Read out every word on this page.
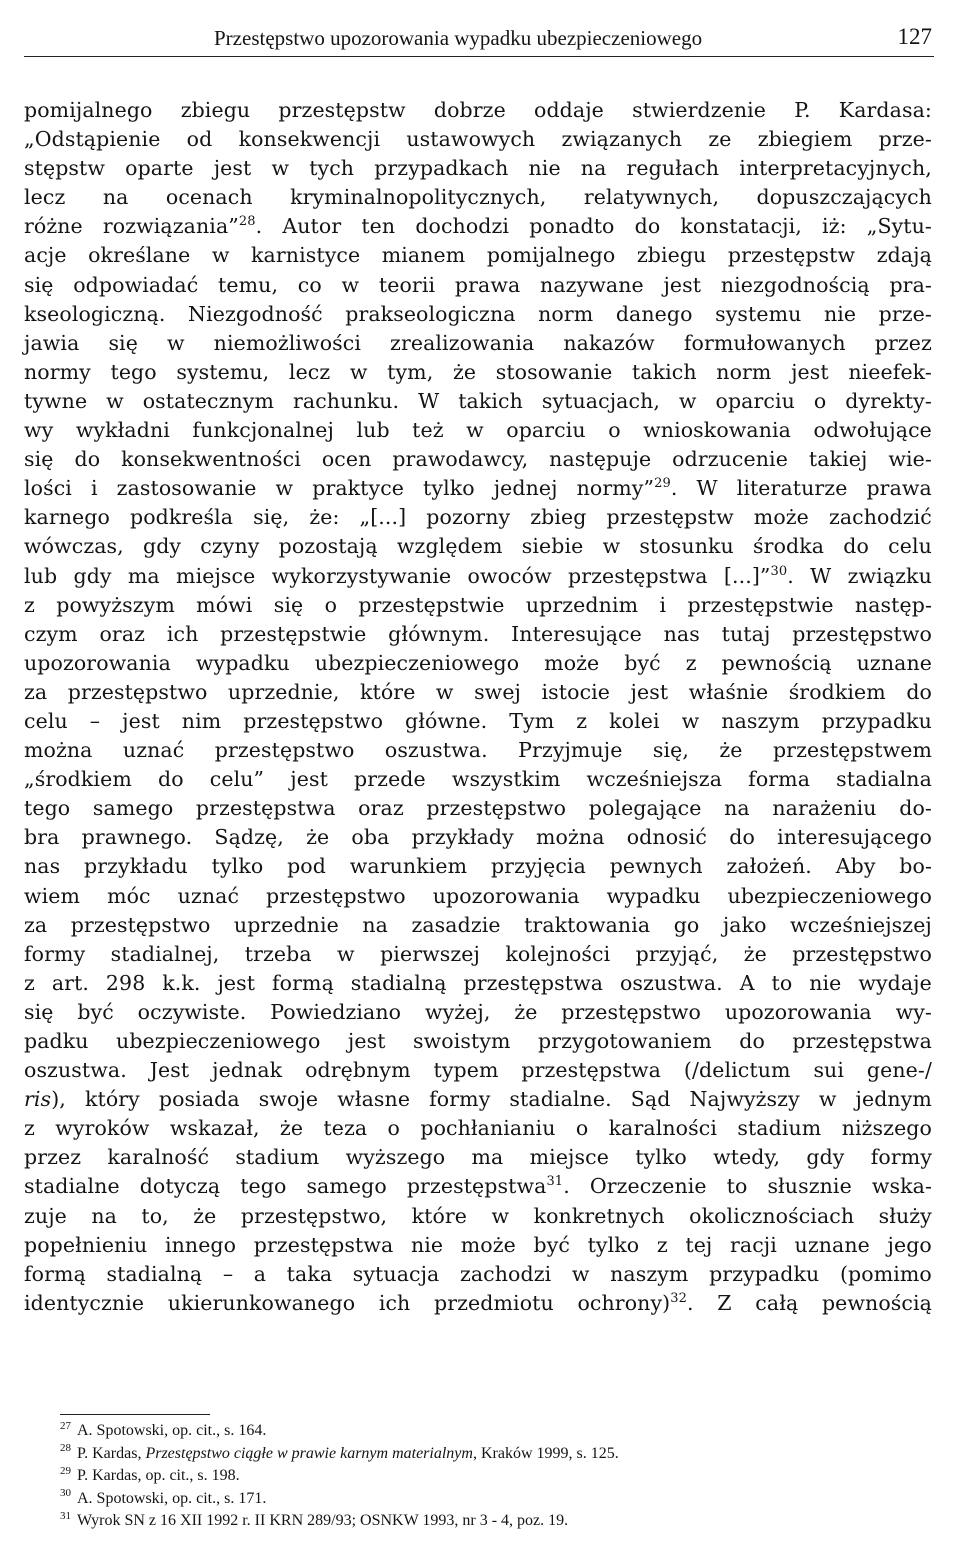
Przestępstwo upozorowania wypadku ubezpieczeniowego	127
pomijalnego zbiegu przestępstw dobrze oddaje stwierdzenie P. Kardasa:
„Odstąpienie od konsekwencji ustawowych związanych ze zbiegiem prze-
stępstw oparte jest w tych przypadkach nie na regułach interpretacyjnych,
lecz na ocenach kryminalnopolitycznych, relatywnych, dopuszczających
różne rozwiązania”$^{28}$. Autor ten dochodzi ponadto do konstatacji, iż: „Sytu-
acje określane w karnistyce mianem pomijalnego zbiegu przestępstw zdają
się odpowiadać temu, co w teorii prawa nazywane jest niezgodnością pra-
kseologiczną. Niezgodność prakseologiczna norm danego systemu nie prze-
jawia się w niemożliwości zrealizowania nakazów formułowanych przez
normy tego systemu, lecz w tym, że stosowanie takich norm jest nieefek-
tywne w ostatecznym rachunku. W takich sytuacjach, w oparciu o dyrekty-
wy wykładni funkcjonalnej lub też w oparciu o wnioskowania odwołujące
się do konsekwentności ocen prawodawcy, następuje odrzucenie takiej wie-
lości i zastosowanie w praktyce tylko jednej normy”$^{29}$. W literaturze prawa
karnego podkreśla się, że: „[...] pozorny zbieg przestępstw może zachodzić
wówczas, gdy czyny pozostają względem siebie w stosunku środka do celu
lub gdy ma miejsce wykorzystywanie owoców przestępstwa [...]”$^{30}$. W związku
z powyższym mówi się o przestępstwie uprzednim i przestępstwie następ-
czym oraz ich przestępstwie głównym. Interesujące nas tutaj przestępstwo
upozorowania wypadku ubezpieczeniowego może być z pewnością uznane
za przestępstwo uprzednie, które w swej istocie jest właśnie środkiem do
celu – jest nim przestępstwo główne. Tym z kolei w naszym przypadku
można uznać przestępstwo oszustwa. Przyjmuje się, że przestępstwem
„środkiem do celu” jest przede wszystkim wcześniejsza forma stadialna
tego samego przestępstwa oraz przestępstwo polegające na narażeniu do-
bra prawnego. Sądzę, że oba przykłady można odnosić do interesującego
nas przykładu tylko pod warunkiem przyjęcia pewnych założeń. Aby bo-
wiem móc uznać przestępstwo upozorowania wypadku ubezpieczeniowego
za przestępstwo uprzednie na zasadzie traktowania go jako wcześniejszej
formy stadialnej, trzeba w pierwszej kolejności przyjąć, że przestępstwo
z art. 298 k.k. jest formą stadialną przestępstwa oszustwa. A to nie wydaje
się być oczywiste. Powiedziano wyżej, że przestępstwo upozorowania wy-
padku ubezpieczeniowego jest swoistym przygotowaniem do przestępstwa
oszustwa. Jest jednak odrębnym typem przestępstwa (/delictum sui gene-/
ris), który posiada swoje własne formy stadialne. Sąd Najwyższy w jednym
z wyroków wskazał, że teza o pochłanianiu o karalności stadium niższego
przez karalność stadium wyższego ma miejsce tylko wtedy, gdy formy
stadialne dotyczą tego samego przestępstwa$^{31}$. Orzeczenie to słusznie wska-
zuje na to, że przestępstwo, które w konkretnych okolicznościach służy
popełnieniu innego przestępstwa nie może być tylko z tej racji uznane jego
formą stadialną – a taka sytuacja zachodzi w naszym przypadku (pomimo
identycznie ukierunkowanego ich przedmiotu ochrony)$^{32}$. Z całą pewnością
$^{27}$ A. Spotowski, op. cit., s. 164.
$^{28}$ P. Kardas, Przestępstwo ciągłe w prawie karnym materialnym, Kraków 1999, s. 125.
$^{29}$ P. Kardas, op. cit., s. 198.
$^{30}$ A. Spotowski, op. cit., s. 171.
$^{31}$ Wyrok SN z 16 XII 1992 r. II KRN 289/93; OSNKW 1993, nr 3 - 4, poz. 19.
